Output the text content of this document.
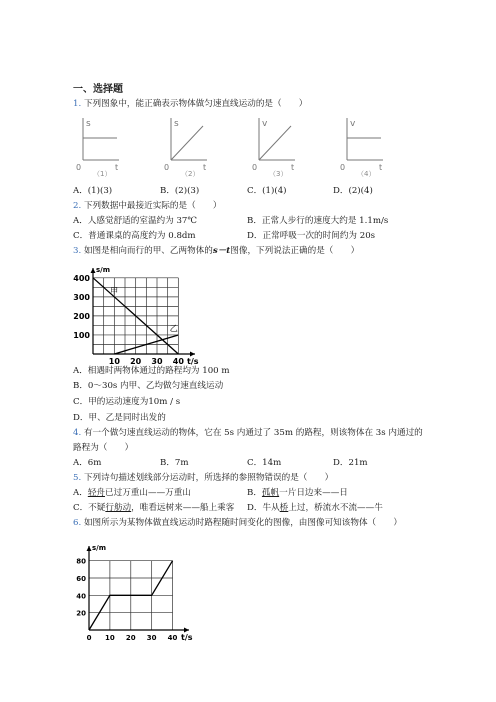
一、选择题
1. 下列图象中，能正确表示物体做匀速直线运动的是（　　）
s
t
0
（1）
s
t
0
（2）
v
t
0
（3）
v
t
0
（4）
A．(1)(3)	B．(2)(3)	C．(1)(4)	D．(2)(4)
2. 下列数据中最接近实际的是（　　）
A．人感觉舒适的室温约为 37℃	B．正常人步行的速度大约是 1.1m/s
C．普通课桌的高度约为 0.8dm	D．正常呼吸一次的时间约为 20s
3. 如图是相向而行的甲、乙两物体的s－t图像，下列说法正确的是（　　）
s/m
t/s
10 20 30 40
100
200
300
400
甲
乙
A．相遇时两物体通过的路程均为 100 m
B．0～30s 内甲、乙均做匀速直线运动
C．甲的运动速度为10m / s
D．甲、乙是同时出发的
4. 有一个做匀速直线运动的物体，它在 5s 内通过了 35m 的路程，则该物体在 3s 内通过的
路程为（　　）
A．6m	B．7m	C．14m	D．21m
5. 下列诗句描述划线部分运动时，所选择的参照物错误的是（　　）
A．轻舟已过万重山——万重山	B．孤帆一片日边来——日
C．不疑行舫动，唯看远树来——船上乘客 D．牛从桥上过，桥流水不流——牛
6. 如图所示为某物体做直线运动时路程随时间变化的图像，由图像可知该物体（　　）
s/m
t/s
0 10 20 30 40
20
40
60
80
